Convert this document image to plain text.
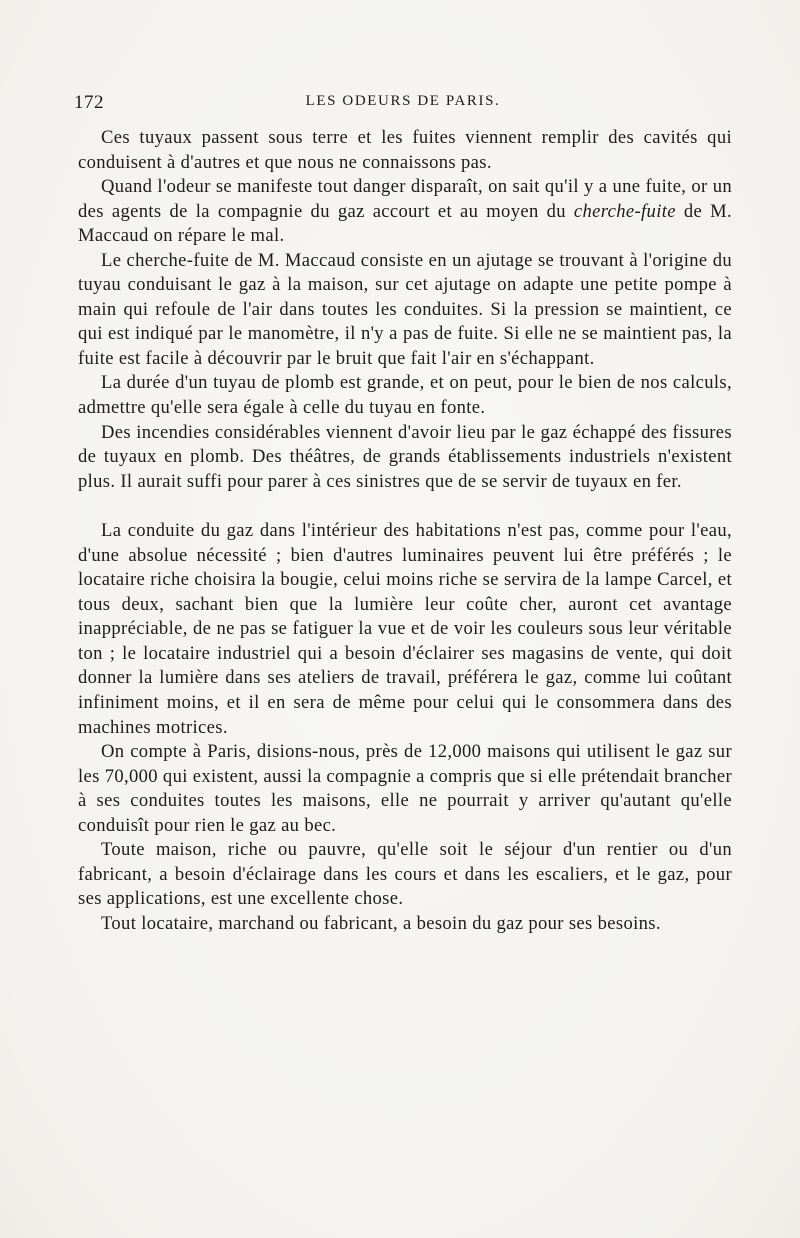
172	LES ODEURS DE PARIS.

Ces tuyaux passent sous terre et les fuites viennent remplir des cavités qui conduisent à d'autres et que nous ne connaissons pas.

Quand l'odeur se manifeste tout danger disparaît, on sait qu'il y a une fuite, or un des agents de la compagnie du gaz accourt et au moyen du cherche-fuite de M. Maccaud on répare le mal.

Le cherche-fuite de M. Maccaud consiste en un ajutage se trouvant à l'origine du tuyau conduisant le gaz à la maison, sur cet ajutage on adapte une petite pompe à main qui refoule de l'air dans toutes les conduites. Si la pression se maintient, ce qui est indiqué par le manomètre, il n'y a pas de fuite. Si elle ne se maintient pas, la fuite est facile à découvrir par le bruit que fait l'air en s'échappant.

La durée d'un tuyau de plomb est grande, et on peut, pour le bien de nos calculs, admettre qu'elle sera égale à celle du tuyau en fonte.

Des incendies considérables viennent d'avoir lieu par le gaz échappé des fissures de tuyaux en plomb. Des théâtres, de grands établissements industriels n'existent plus. Il aurait suffi pour parer à ces sinistres que de se servir de tuyaux en fer.

La conduite du gaz dans l'intérieur des habitations n'est pas, comme pour l'eau, d'une absolue nécessité ; bien d'autres luminaires peuvent lui être préférés ; le locataire riche choisira la bougie, celui moins riche se servira de la lampe Carcel, et tous deux, sachant bien que la lumière leur coûte cher, auront cet avantage inappréciable, de ne pas se fatiguer la vue et de voir les couleurs sous leur véritable ton ; le locataire industriel qui a besoin d'éclairer ses magasins de vente, qui doit donner la lumière dans ses ateliers de travail, préférera le gaz, comme lui coûtant infiniment moins, et il en sera de même pour celui qui le consommera dans des machines motrices.

On compte à Paris, disions-nous, près de 12,000 maisons qui utilisent le gaz sur les 70,000 qui existent, aussi la compagnie a compris que si elle prétendait brancher à ses conduites toutes les maisons, elle ne pourrait y arriver qu'autant qu'elle conduisît pour rien le gaz au bec.

Toute maison, riche ou pauvre, qu'elle soit le séjour d'un rentier ou d'un fabricant, a besoin d'éclairage dans les cours et dans les escaliers, et le gaz, pour ses applications, est une excellente chose.

Tout locataire, marchand ou fabricant, a besoin du gaz pour ses besoins.
